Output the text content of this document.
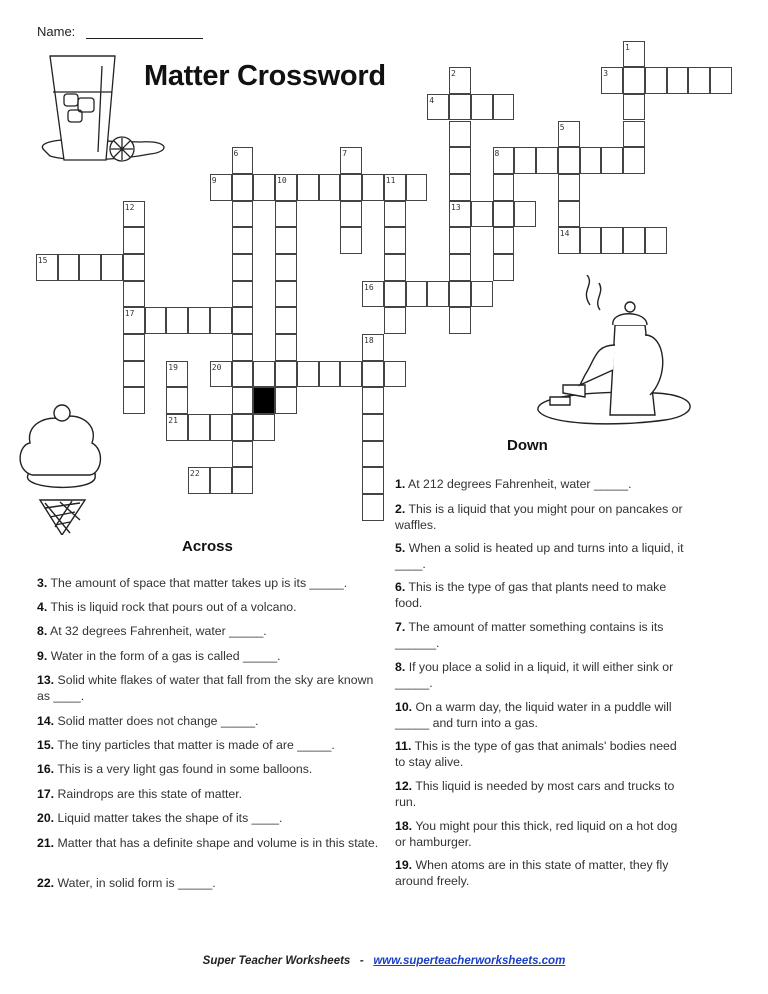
Name:
Matter Crossword
1
2
13
3
4
5
14
6	7	8
9	10	11
12
17
15
16
18
19
21
20
22
Across
3. The amount of space that matter takes up is its _____.
4. This is liquid rock that pours out of a volcano.
8. At 32 degrees Fahrenheit, water _____.
9. Water in the form of a gas is called _____.
13. Solid white flakes of water that fall from the sky are known as ____.
14. Solid matter does not change _____.
15. The tiny particles that matter is made of are _____.
16. This is a very light gas found in some balloons.
17. Raindrops are this state of matter.
20. Liquid matter takes the shape of its ____.
21. Matter that has a definite shape and volume is in this state.
22. Water, in solid form is _____.
Down
1. At 212 degrees Fahrenheit, water _____.
2. This is a liquid that you might pour on pancakes or waffles.
5. When a solid is heated up and turns into a liquid, it ____.
6. This is the type of gas that plants need to make food.
7. The amount of matter something contains is its ______.
8. If you place a solid in a liquid, it will either sink or _____.
10. On a warm day, the liquid water in a puddle will _____ and turn into a gas.
11. This is the type of gas that animals' bodies need to stay alive.
12. This liquid is needed by most cars and trucks to run.
18. You might pour this thick, red liquid on a hot dog or hamburger.
19. When atoms are in this state of matter, they fly around freely.
Super Teacher Worksheets - www.superteacherworksheets.com
